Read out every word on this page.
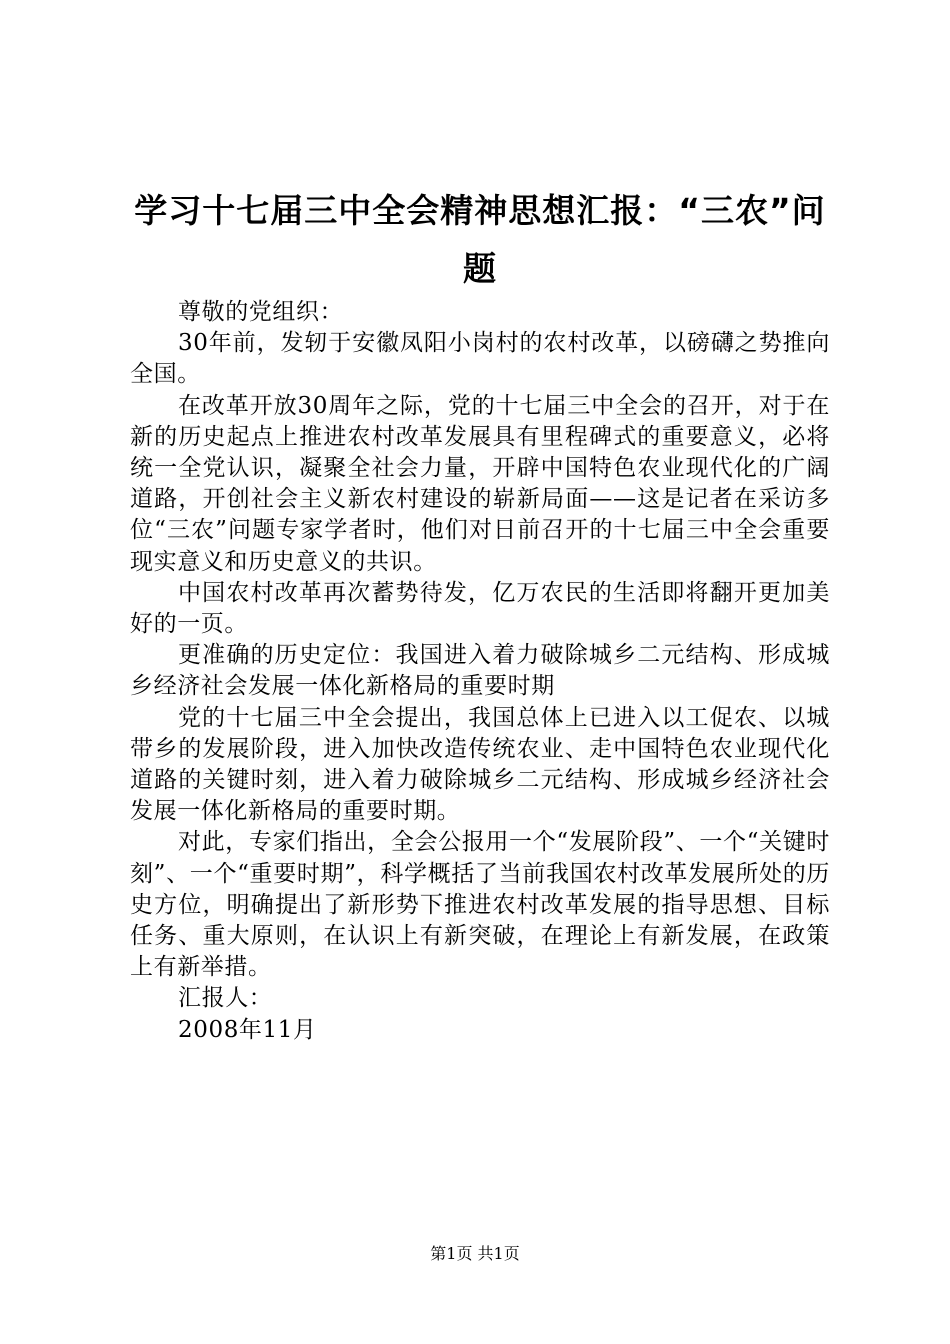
学习十七届三中全会精神思想汇报：“三农”问题

尊敬的党组织：

30年前，发轫于安徽凤阳小岗村的农村改革，以磅礴之势推向全国。

在改革开放30周年之际，党的十七届三中全会的召开，对于在新的历史起点上推进农村改革发展具有里程碑式的重要意义，必将统一全党认识，凝聚全社会力量，开辟中国特色农业现代化的广阔道路，开创社会主义新农村建设的崭新局面——这是记者在采访多位“三农”问题专家学者时，他们对日前召开的十七届三中全会重要现实意义和历史意义的共识。

中国农村改革再次蓄势待发，亿万农民的生活即将翻开更加美好的一页。

更准确的历史定位：我国进入着力破除城乡二元结构、形成城乡经济社会发展一体化新格局的重要时期

党的十七届三中全会提出，我国总体上已进入以工促农、以城带乡的发展阶段，进入加快改造传统农业、走中国特色农业现代化道路的关键时刻，进入着力破除城乡二元结构、形成城乡经济社会发展一体化新格局的重要时期。

对此，专家们指出，全会公报用一个“发展阶段”、一个“关键时刻”、一个“重要时期”，科学概括了当前我国农村改革发展所处的历史方位，明确提出了新形势下推进农村改革发展的指导思想、目标任务、重大原则，在认识上有新突破，在理论上有新发展，在政策上有新举措。

汇报人：

2008年11月

第1页 共1页
